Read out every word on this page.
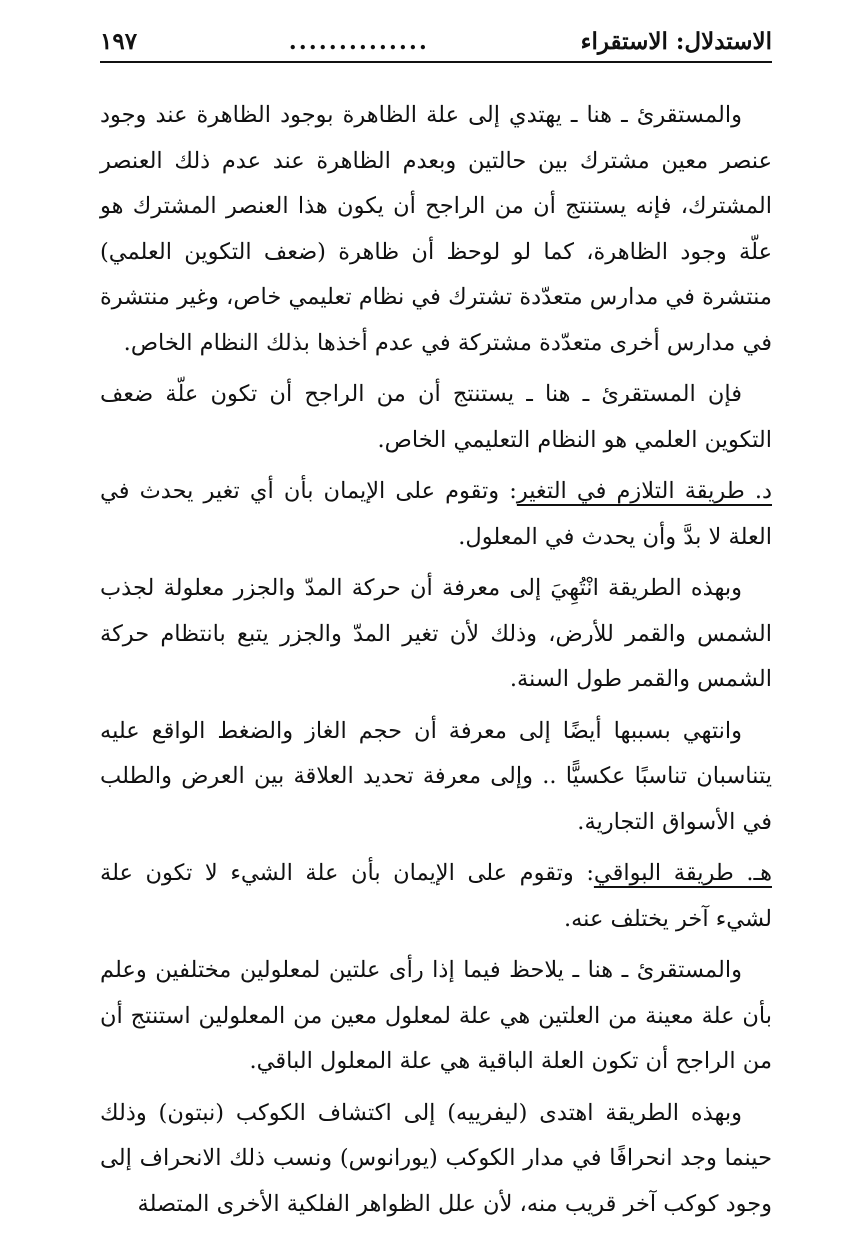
الاستدلال: الاستقراء
..............
١٩٧

والمستقرئ ـ هنا ـ يهتدي إلى علة الظاهرة بوجود الظاهرة عند وجود عنصر معين مشترك بين حالتين وبعدم الظاهرة عند عدم ذلك العنصر المشترك، فإنه يستنتج أن من الراجح أن يكون هذا العنصر المشترك هو علّة وجود الظاهرة، كما لو لوحظ أن ظاهرة (ضعف التكوين العلمي) منتشرة في مدارس متعدّدة تشترك في نظام تعليمي خاص، وغير منتشرة في مدارس أخرى متعدّدة مشتركة في عدم أخذها بذلك النظام الخاص.

فإن المستقرئ ـ هنا ـ يستنتج أن من الراجح أن تكون علّة ضعف التكوين العلمي هو النظام التعليمي الخاص.

د. طريقة التلازم في التغير: وتقوم على الإيمان بأن أي تغير يحدث في العلة لا بدَّ وأن يحدث في المعلول.

وبهذه الطريقة انْتُهِيَ إلى معرفة أن حركة المدّ والجزر معلولة لجذب الشمس والقمر للأرض، وذلك لأن تغير المدّ والجزر يتبع بانتظام حركة الشمس والقمر طول السنة.

وانتهي بسببها أيضًا إلى معرفة أن حجم الغاز والضغط الواقع عليه يتناسبان تناسبًا عكسيًّا .. وإلى معرفة تحديد العلاقة بين العرض والطلب في الأسواق التجارية.

هـ. طريقة البواقي: وتقوم على الإيمان بأن علة الشيء لا تكون علة لشيء آخر يختلف عنه.

والمستقرئ ـ هنا ـ يلاحظ فيما إذا رأى علتين لمعلولين مختلفين وعلم بأن علة معينة من العلتين هي علة لمعلول معين من المعلولين استنتج أن من الراجح أن تكون العلة الباقية هي علة المعلول الباقي.

وبهذه الطريقة اهتدى (ليفرييه) إلى اكتشاف الكوكب (نبتون) وذلك حينما وجد انحرافًا في مدار الكوكب (يورانوس) ونسب ذلك الانحراف إلى وجود كوكب آخر قريب منه، لأن علل الظواهر الفلكية الأخرى المتصلة
